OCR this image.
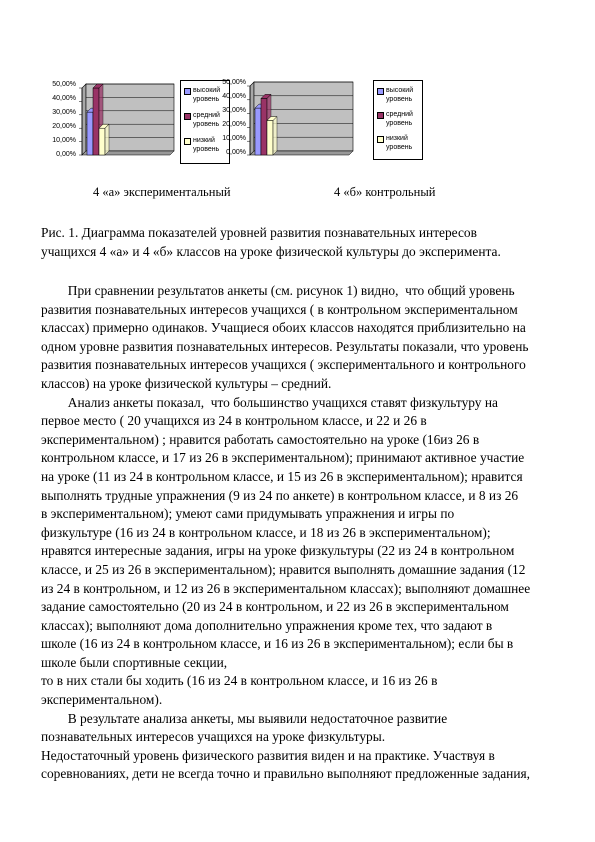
50,00%
40,00%
30,00%
20,00%
10,00%
0,00%
высокий уровень
средний уровень
низкий уровень
50,00%
40,00%
30,00%
20,00%
10,00%
0,00%
высокий уровень
средний уровень
низкий уровень
4 «а» экспериментальный	4 «б» контрольный
Рис. 1. Диаграмма показателей уровней развития познавательных интересов
учащихся 4 «а» и 4 «б» классов на уроке физической культуры до эксперимента.
При сравнении результатов анкеты (см. рисунок 1) видно,  что общий уровень
развития познавательных интересов учащихся ( в контрольном экспериментальном
классах) примерно одинаков. Учащиеся обоих классов находятся приблизительно на
одном уровне развития познавательных интересов. Результаты показали, что уровень
развития познавательных интересов учащихся ( экспериментального и контрольного
классов) на уроке физической культуры – средний.
Анализ анкеты показал,  что большинство учащихся ставят физкультуру на
первое место ( 20 учащихся из 24 в контрольном классе, и 22 и 26 в
экспериментальном) ; нравится работать самостоятельно на уроке (16из 26 в
контрольном классе, и 17 из 26 в экспериментальном); принимают активное участие
на уроке (11 из 24 в контрольном классе, и 15 из 26 в экспериментальном); нравится
выполнять трудные упражнения (9 из 24 по анкете) в контрольном классе, и 8 из 26
в экспериментальном); умеют сами придумывать упражнения и игры по
физкультуре (16 из 24 в контрольном классе, и 18 из 26 в экспериментальном);
нравятся интересные задания, игры на уроке физкультуры (22 из 24 в контрольном
классе, и 25 из 26 в экспериментальном); нравится выполнять домашние задания (12
из 24 в контрольном, и 12 из 26 в экспериментальном классах); выполняют домашнее
задание самостоятельно (20 из 24 в контрольном, и 22 из 26 в экспериментальном
классах); выполняют дома дополнительно упражнения кроме тех, что задают в
школе (16 из 24 в контрольном классе, и 16 из 26 в экспериментальном); если бы в
школе были спортивные секции,
то в них стали бы ходить (16 из 24 в контрольном классе, и 16 из 26 в
экспериментальном).
В результате анализа анкеты, мы выявили недостаточное развитие
познавательных интересов учащихся на уроке физкультуры.
Недостаточный уровень физического развития виден и на практике. Участвуя в
соревнованиях, дети не всегда точно и правильно выполняют предложенные задания,
